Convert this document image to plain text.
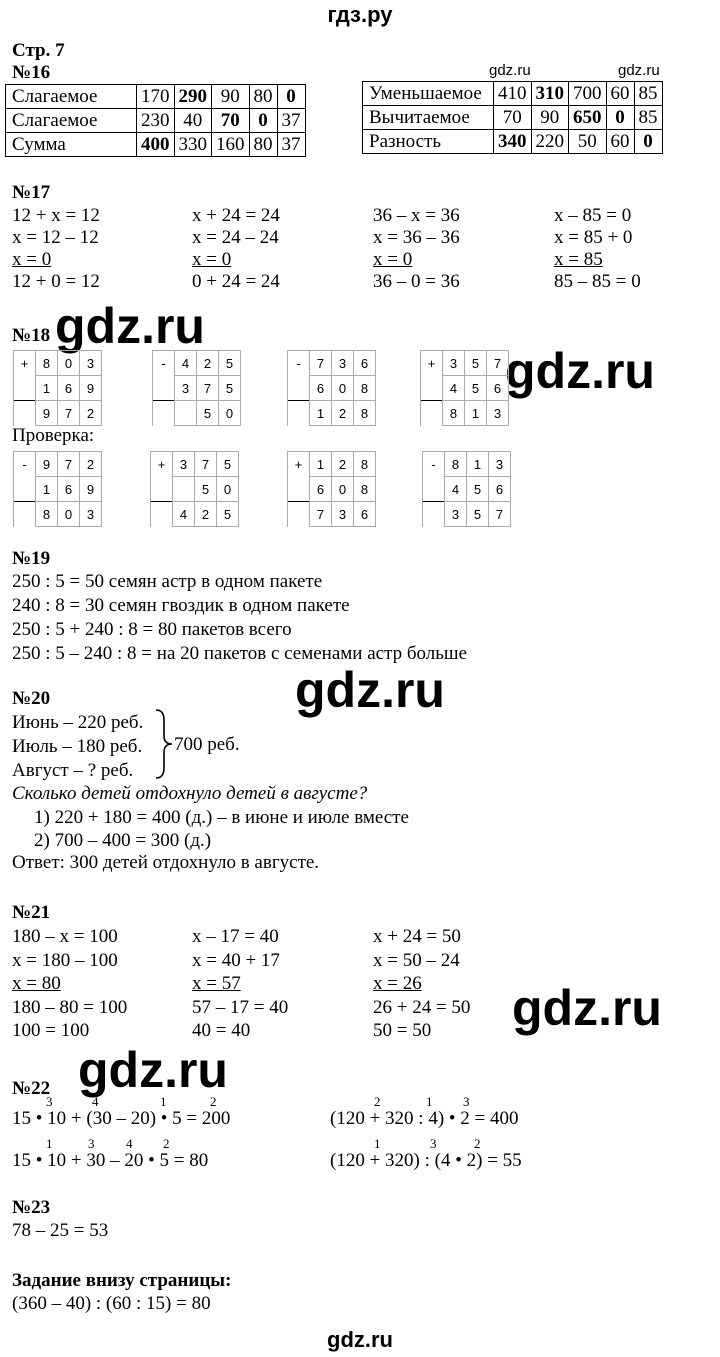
гдз.ру
Стр. 7
№16	gdz.ru	gdz.ru
Слагаемое	170	290	90	80	0
Слагаемое	230	40	70	0	37
Сумма	400	330	160	80	37
Уменьшаемое	410	310	700	60	85
Вычитаемое	70	90	650	0	85
Разность	340	220	50	60	0
№17
12 + x = 12
x = 12 – 12
x = 0
12 + 0 = 12
x + 24 = 24
x = 24 – 24
x = 0
0 + 24 = 24
36 – x = 36
x = 36 – 36
x = 0
36 – 0 = 36
x – 85 = 0
x = 85 + 0
x = 85
85 – 85 = 0
№18 gdz.ru
gdz.ru
+	8	0	3
	1	6	9
	9	7	2
-	4	2	5
	3	7	5
		5	0
-	7	3	6
	6	0	8
	1	2	8
+	3	5	7
	4	5	6
	8	1	3
Проверка:
-	9	7	2
	1	6	9
	8	0	3
+	3	7	5
		5	0
	4	2	5
+	1	2	8
	6	0	8
	7	3	6
-	8	1	3
	4	5	6
	3	5	7
№19
250 : 5 = 50 семян астр в одном пакете
240 : 8 = 30 семян гвоздик в одном пакете
250 : 5 + 240 : 8 = 80 пакетов всего
250 : 5 – 240 : 8 = на 20 пакетов с семенами астр больше
gdz.ru
№20
Июнь – 220 реб.
Июль – 180 реб.
Август – ? реб.
700 реб.
Сколько детей отдохнуло детей в августе?
1) 220 + 180 = 400 (д.) – в июне и июле вместе
2) 700 – 400 = 300 (д.)
Ответ: 300 детей отдохнуло в августе.
№21
180 – x = 100
x = 180 – 100
x = 80
180 – 80 = 100
100 = 100
x – 17 = 40
x = 40 + 17
x = 57
57 – 17 = 40
40 = 40
x + 24 = 50
x = 50 – 24
x = 26
26 + 24 = 50
50 = 50	gdz.ru
gdz.ru
№22
15 • 10 + (30 – 20) • 5 = 200	(120 + 320 : 4) • 2 = 400
15 • 10 + 30 – 20 • 5 = 80	(120 + 320) : (4 • 2) = 55
3	4	1	2	2	1 3
1	3 4 2	1	3	2
№23
78 – 25 = 53
Задание внизу страницы:
(360 – 40) : (60 : 15) = 80
gdz.ru
